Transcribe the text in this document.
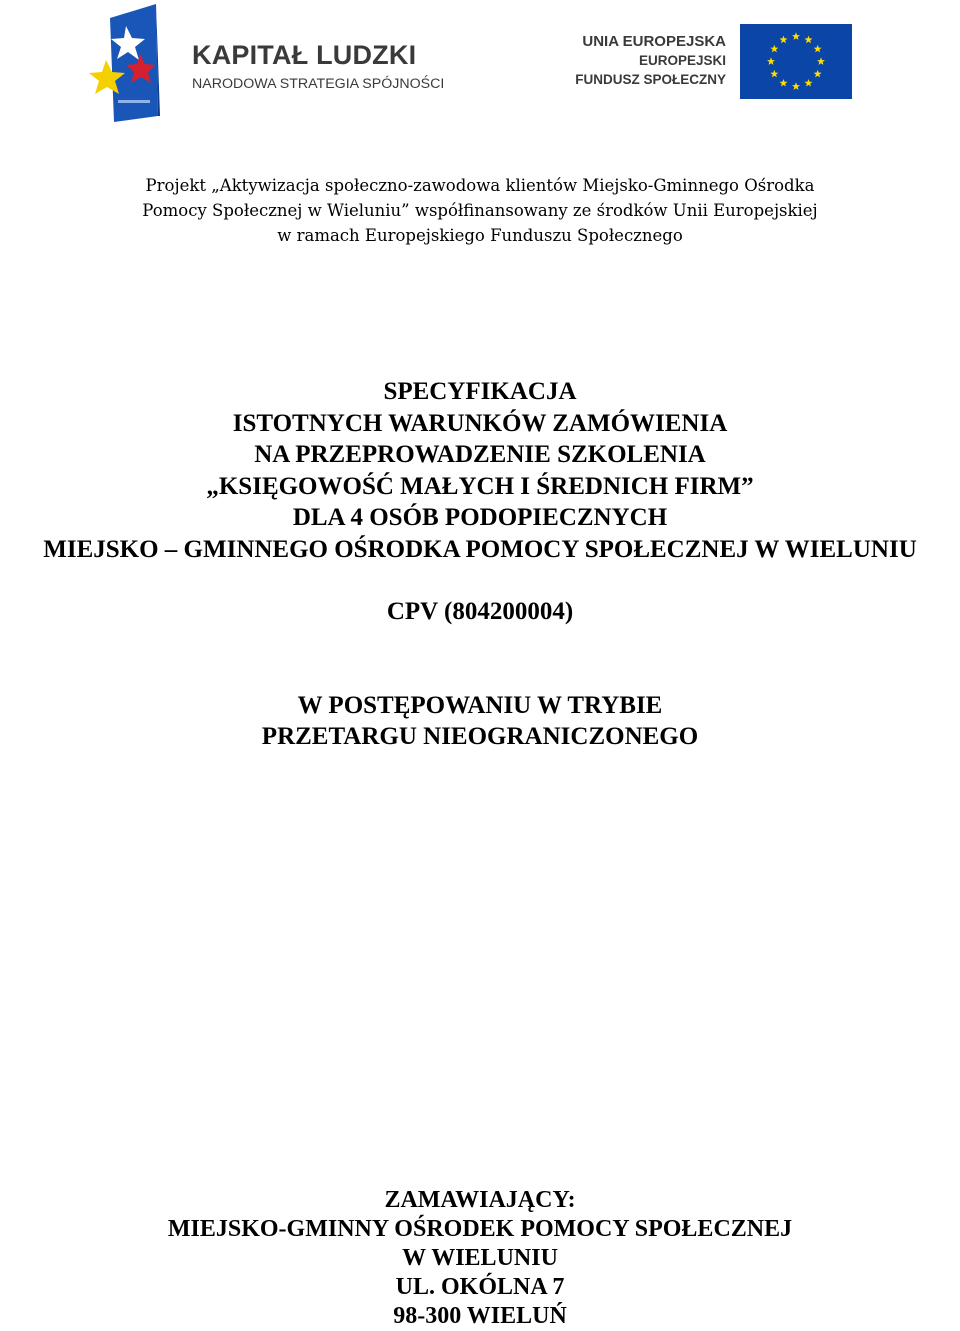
KAPITAŁ LUDZKI
NARODOWA STRATEGIA SPÓJNOŚCI
UNIA EUROPEJSKA
EUROPEJSKI
FUNDUSZ SPOŁECZNY
Projekt „Aktywizacja społeczno-zawodowa klientów Miejsko-Gminnego Ośrodka
Pomocy Społecznej w Wieluniu” współfinansowany ze środków Unii Europejskiej
w ramach Europejskiego Funduszu Społecznego
SPECYFIKACJA
ISTOTNYCH WARUNKÓW ZAMÓWIENIA
NA PRZEPROWADZENIE SZKOLENIA
„KSIĘGOWOŚĆ MAŁYCH I ŚREDNICH FIRM”
DLA 4 OSÓB PODOPIECZNYCH
MIEJSKO – GMINNEGO OŚRODKA POMOCY SPOŁECZNEJ W WIELUNIU
CPV (804200004)
W POSTĘPOWANIU W TRYBIE
PRZETARGU NIEOGRANICZONEGO
ZAMAWIAJĄCY:
MIEJSKO-GMINNY OŚRODEK POMOCY SPOŁECZNEJ
W WIELUNIU
UL. OKÓLNA 7
98-300 WIELUŃ
